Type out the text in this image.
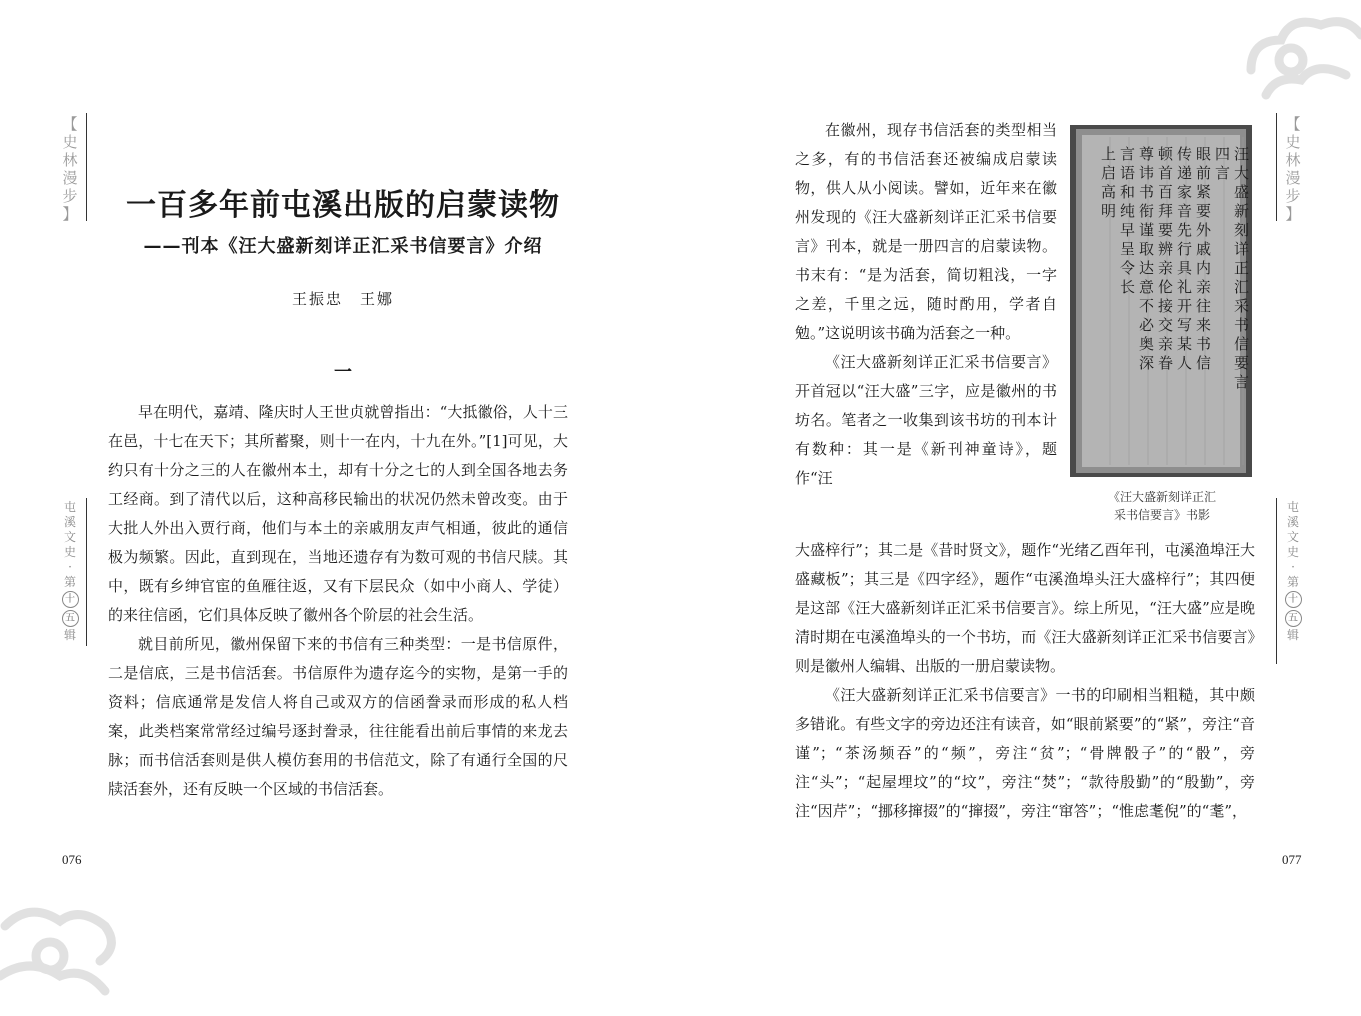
【
史
林
漫
步
】
屯
溪
文
史
·
第
十 五
辑
076
一百多年前屯溪出版的启蒙读物
——刊本《汪大盛新刻详正汇采书信要言》介绍
王振忠　王娜
一

早在明代，嘉靖、隆庆时人王世贞就曾指出：“大抵徽俗，人十三在邑，十七在天下；其所蓄聚，则十一在内，十九在外。”[1]可见，大约只有十分之三的人在徽州本土，却有十分之七的人到全国各地去务工经商。到了清代以后，这种高移民输出的状况仍然未曾改变。由于大批人外出入贾行商，他们与本土的亲戚朋友声气相通，彼此的通信极为频繁。因此，直到现在，当地还遗存有为数可观的书信尺牍。其中，既有乡绅官宦的鱼雁往返，又有下层民众（如中小商人、学徒）的来往信函，它们具体反映了徽州各个阶层的社会生活。

就目前所见，徽州保留下来的书信有三种类型：一是书信原件，二是信底，三是书信活套。书信原件为遗存迄今的实物，是第一手的资料；信底通常是发信人将自己或双方的信函誊录而形成的私人档案，此类档案常常经过编号逐封誊录，往往能看出前后事情的来龙去脉；而书信活套则是供人模仿套用的书信范文，除了有通行全国的尺牍活套外，还有反映一个区域的书信活套。

在徽州，现存书信活套的类型相当之多，有的书信活套还被编成启蒙读物，供人从小阅读。譬如，近年来在徽州发现的《汪大盛新刻详正汇采书信要言》刊本，就是一册四言的启蒙读物。书末有：“是为活套，简切粗浅，一字之差，千里之远，随时酌用，学者自勉。”这说明该书确为活套之一种。

《汪大盛新刻详正汇采书信要言》开首冠以“汪大盛”三字，应是徽州的书坊名。笔者之一收集到该书坊的刊本计有数种：其一是《新刊神童诗》，题作“汪

汪大盛新刻详正汇采书信要言
四言
眼前紧要外戚内亲往来书信
传递家音先行具礼开写某人
顿首百拜要辨亲伦接交亲眷
尊讳书衔谨取达意不必奥深
言语和纯早呈令长
上启高明
《汪大盛新刻详正汇
采书信要言》书影

大盛梓行”；其二是《昔时贤文》，题作“光绪乙酉年刊，屯溪渔埠汪大盛藏板”；其三是《四字经》，题作“屯溪渔埠头汪大盛梓行”；其四便是这部《汪大盛新刻详正汇采书信要言》。综上所见，“汪大盛”应是晚清时期在屯溪渔埠头的一个书坊，而《汪大盛新刻详正汇采书信要言》则是徽州人编辑、出版的一册启蒙读物。

《汪大盛新刻详正汇采书信要言》一书的印刷相当粗糙，其中颇多错讹。有些文字的旁边还注有读音，如“眼前紧要”的“紧”，旁注“音谨”；“茶汤频吞”的“频”，旁注“贫”；“骨牌骰子”的“骰”，旁注“头”；“起屋埋坟”的“坟”，旁注“焚”；“款待殷勤”的“殷勤”，旁注“因芹”；“挪移撺掇”的“撺掇”，旁注“窜答”；“惟虑耄倪”的“耄”，

【
史
林
漫
步
】
屯
溪
文
史
·
第
十 五
辑
077
